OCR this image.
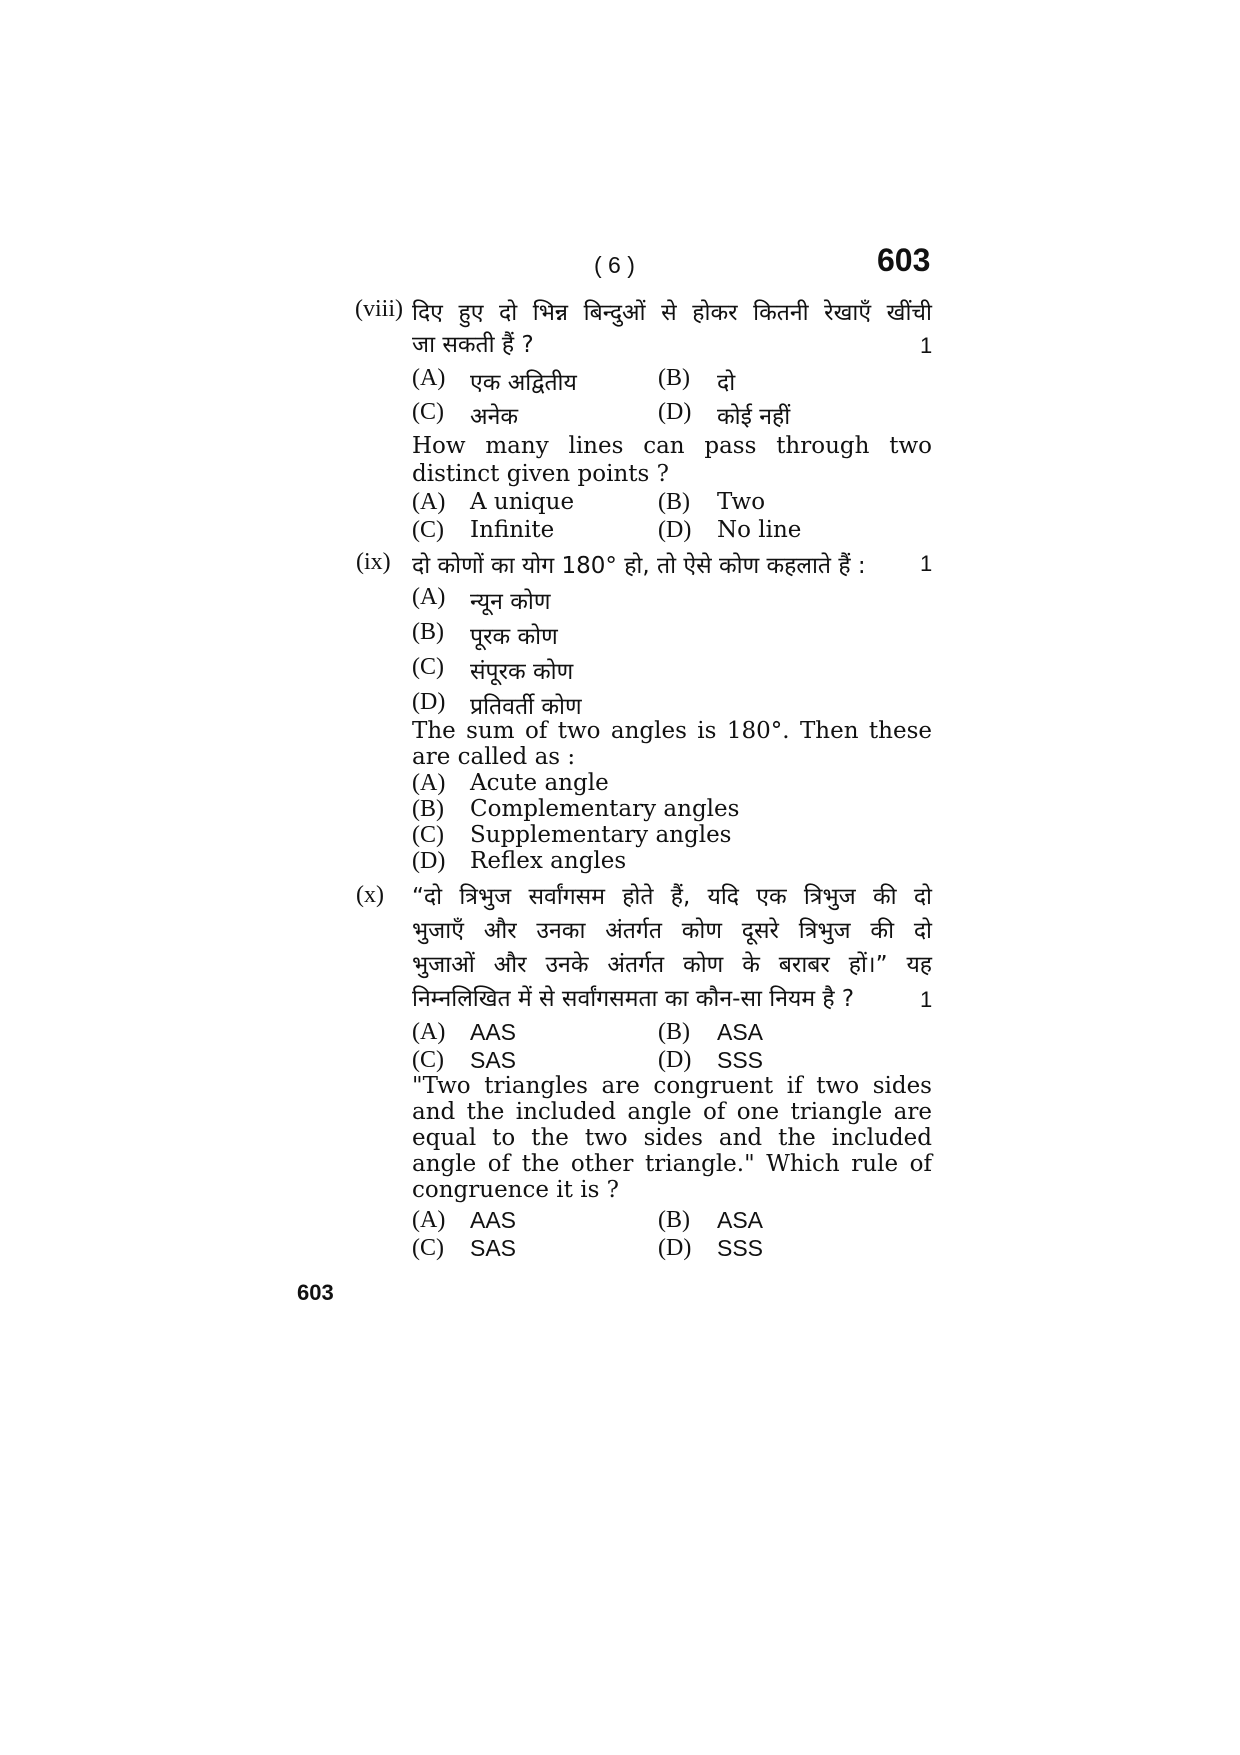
( 6 )	603
(viii) दिए हुए दो भिन्न बिन्दुओं से होकर कितनी रेखाएँ खींची
जा सकती हैं ?	1
(A) एक अद्वितीय	(B) दो
(C) अनेक	(D) कोई नहीं
How many lines can pass through two
distinct given points ?
(A) A unique	(B) Two
(C) Infinite	(D) No line
(ix) दो कोणों का योग 180° हो, तो ऐसे कोण कहलाते हैं : 1
(A) न्यून कोण
(B) पूरक कोण
(C) संपूरक कोण
(D) प्रतिवर्ती कोण
The sum of two angles is 180°. Then these
are called as :
(A) Acute angle
(B) Complementary angles
(C) Supplementary angles
(D) Reflex angles
(x) “दो त्रिभुज सर्वांगसम होते हैं, यदि एक त्रिभुज की दो
भुजाएँ और उनका अंतर्गत कोण दूसरे त्रिभुज की दो
भुजाओं और उनके अंतर्गत कोण के बराबर हों।” यह
निम्नलिखित में से सर्वांगसमता का कौन-सा नियम है ?	1
(A) AAS	(B) ASA
(C) SAS	(D) SSS
"Two triangles are congruent if two sides
and the included angle of one triangle are
equal to the two sides and the included
angle of the other triangle." Which rule of
congruence it is ?
(A) AAS	(B) ASA
(C) SAS	(D) SSS
603
